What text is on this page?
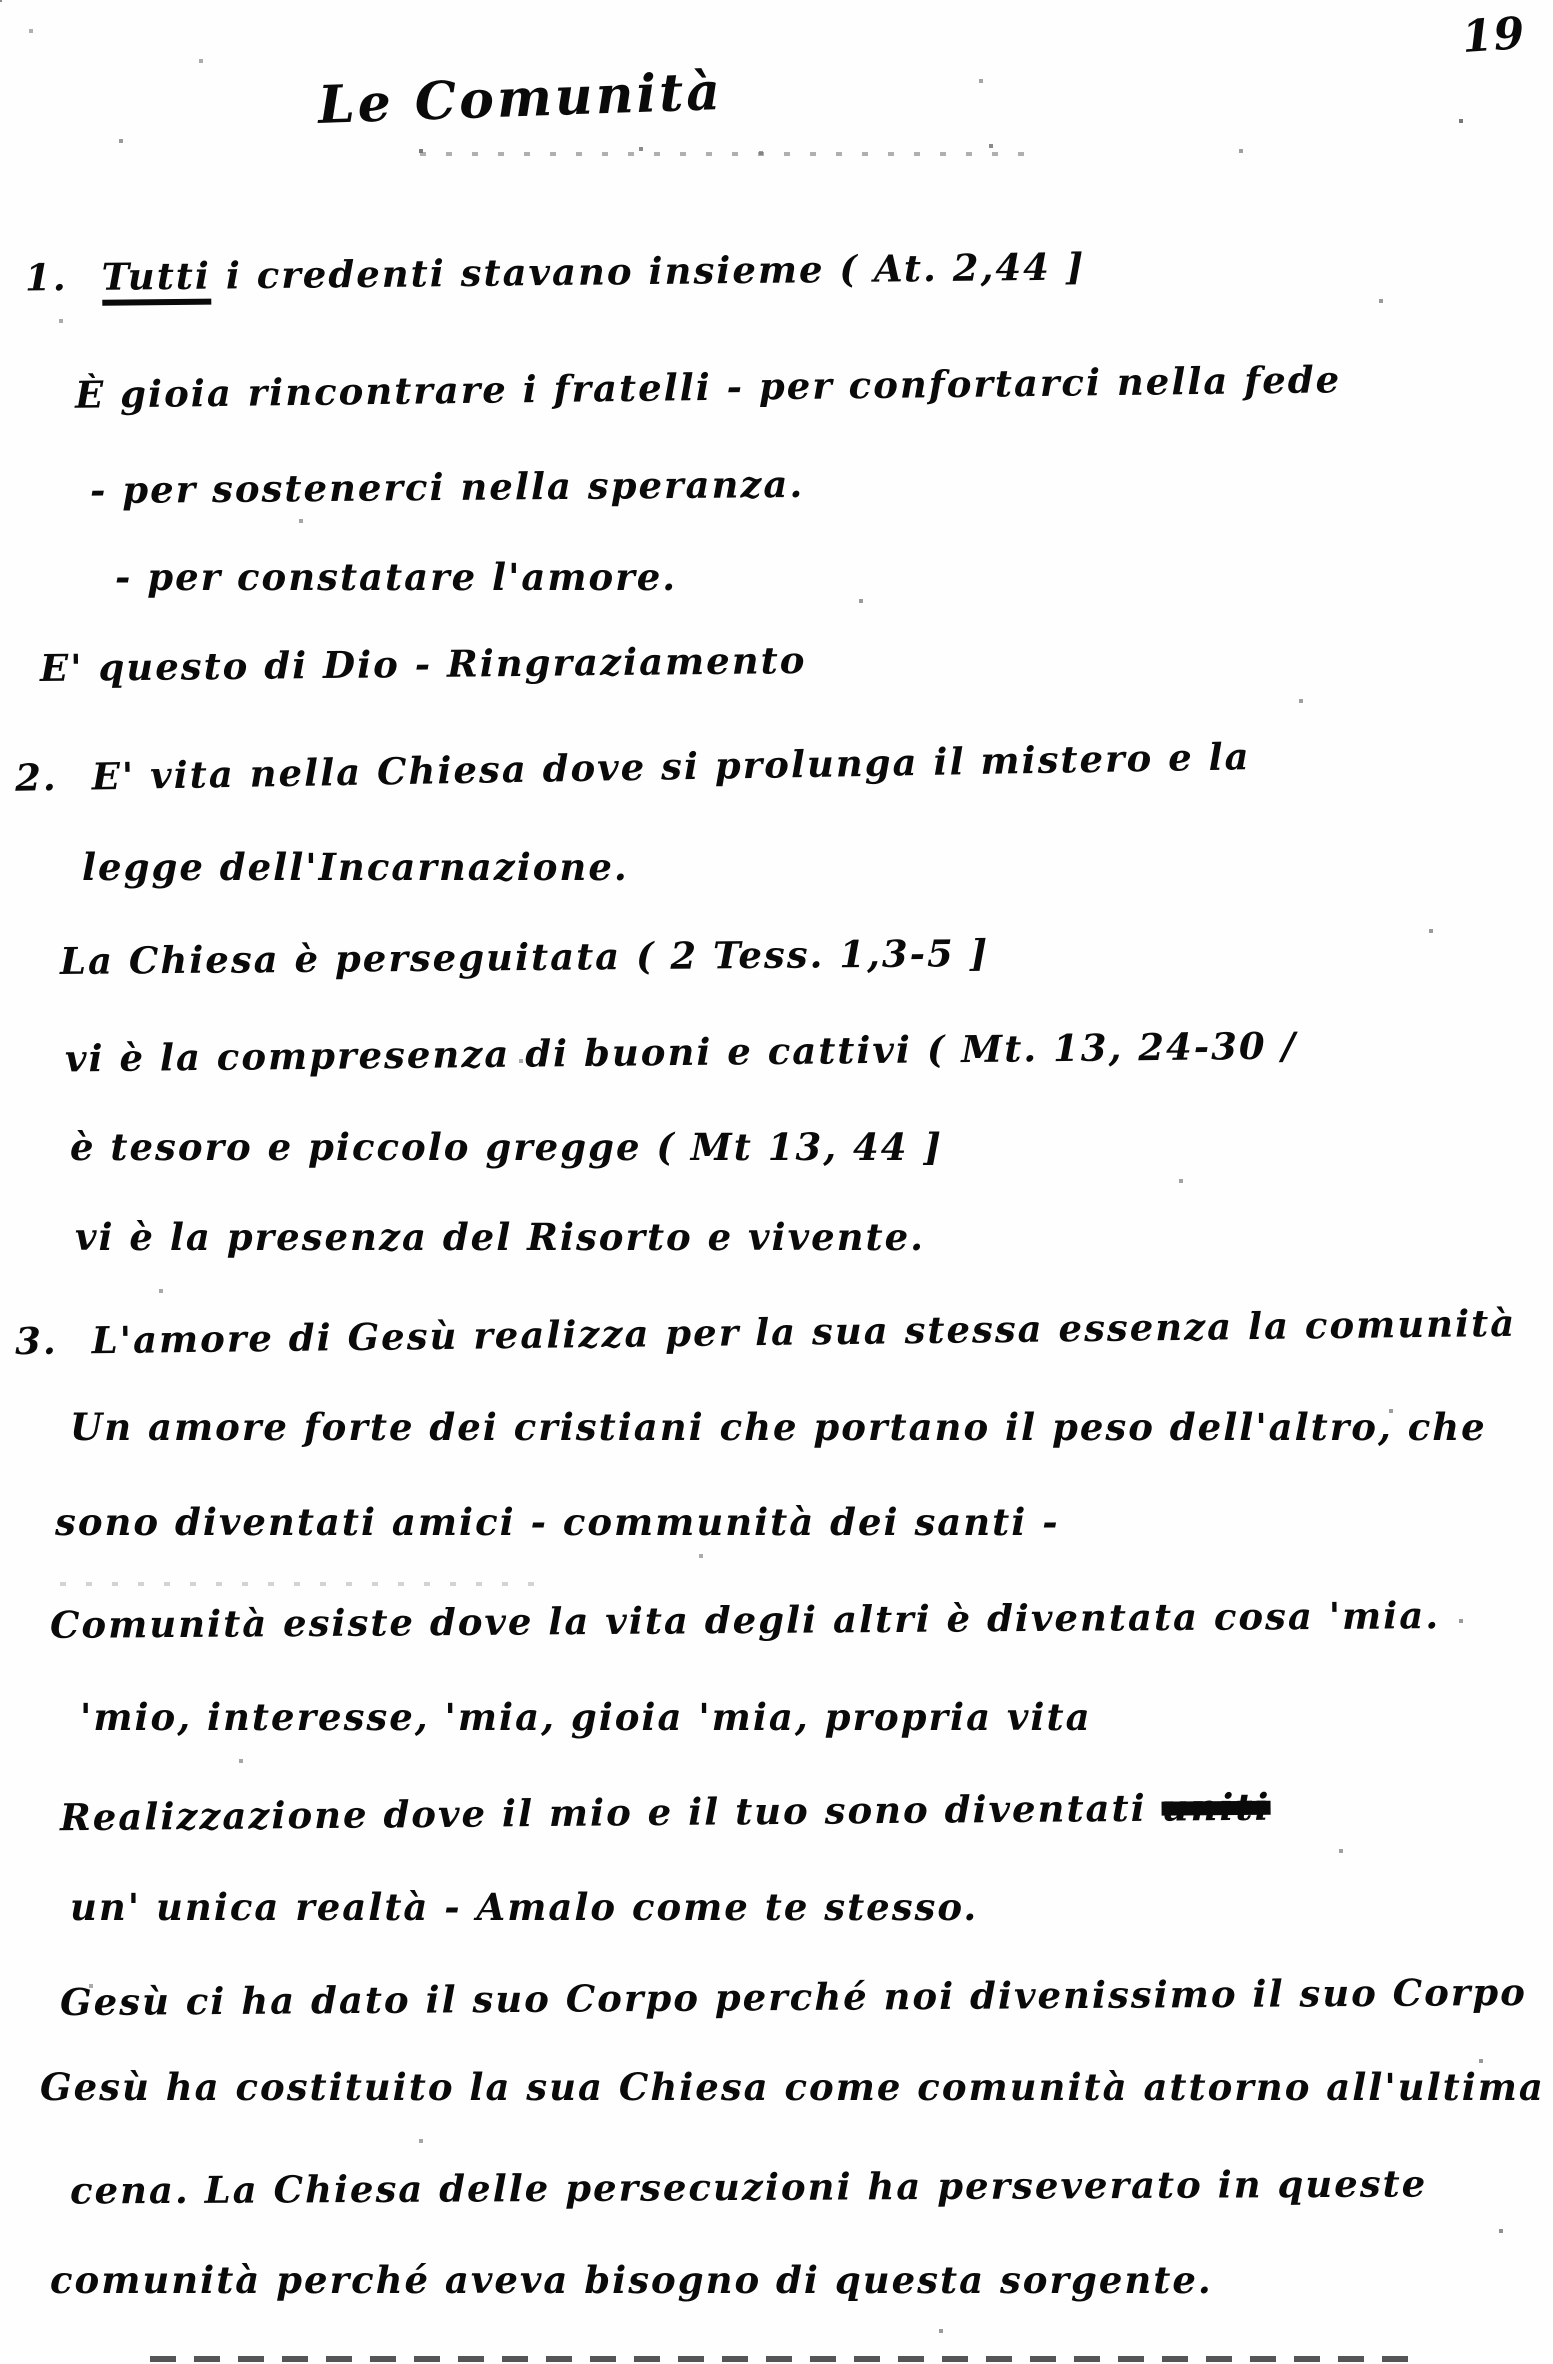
19
Le Comunità
1. Tutti i credenti stavano insieme ( At. 2,44 ]
È gioia rincontrare i fratelli - per confortarci nella fede
- per sostenerci nella speranza.
- per constatare l'amore.
E' questo di Dio - Ringraziamento
2. E' vita nella Chiesa dove si prolunga il mistero e la
legge dell'Incarnazione.
La Chiesa è perseguitata ( 2 Tess. 1,3-5 ]
vi è la compresenza di buoni e cattivi ( Mt. 13, 24-30 /
è tesoro e piccolo gregge ( Mt 13, 44 ]
vi è la presenza del Risorto e vivente.
3. L'amore di Gesù realizza per la sua stessa essenza la comunità
Un amore forte dei cristiani che portano il peso dell'altro, che
sono diventati amici - communità dei santi -
Comunità esiste dove la vita degli altri è diventata cosa 'mia.
'mio, interesse, 'mia, gioia 'mia, propria vita
Realizzazione dove il mio e il tuo sono diventati uniti
un' unica realtà - Amalo come te stesso.
Gesù ci ha dato il suo Corpo perché noi divenissimo il suo Corpo
Gesù ha costituito la sua Chiesa come comunità attorno all'ultima
cena. La Chiesa delle persecuzioni ha perseverato in queste
comunità perché aveva bisogno di questa sorgente.
